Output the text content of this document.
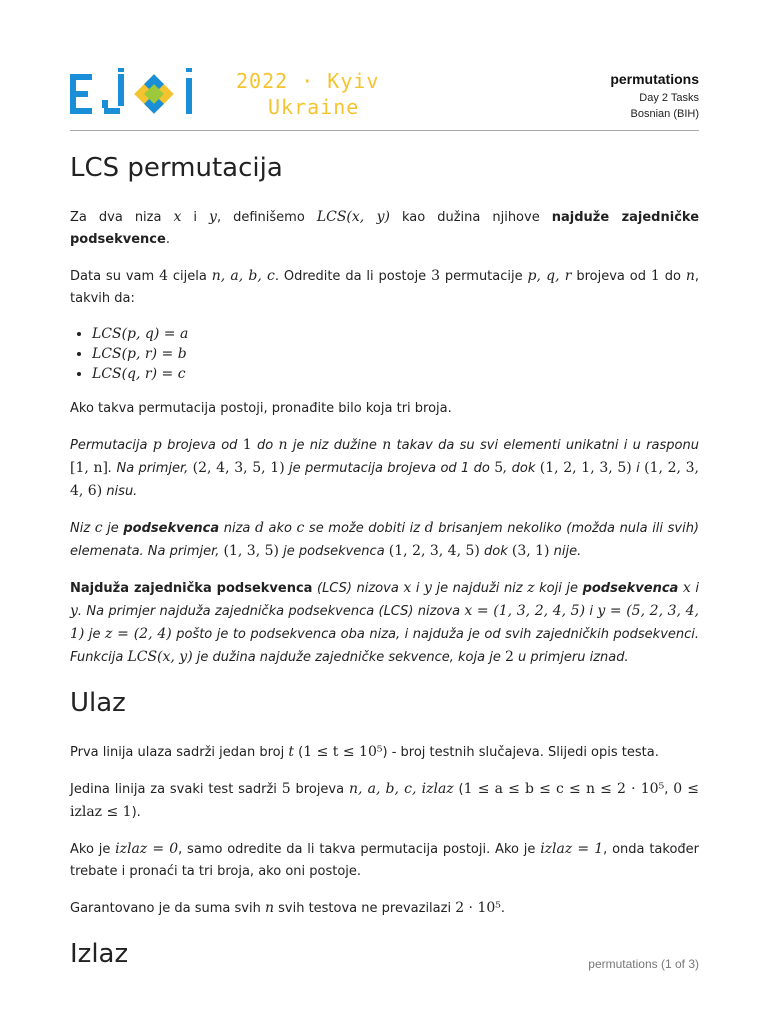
2022 · Kyiv
Ukraine
permutations
Day 2 Tasks
Bosnian (BIH)
LCS permutacija

Za dva niza x i y, definišemo LCS(x, y) kao dužina njihove najduže zajedničke podsekvence.

Data su vam 4 cijela n, a, b, c. Odredite da li postoje 3 permutacije p, q, r brojeva od 1 do n, takvih da:

• LCS(p, q) = a
• LCS(p, r) = b
• LCS(q, r) = c

Ako takva permutacija postoji, pronađite bilo koja tri broja.

Permutacija p brojeva od 1 do n je niz dužine n takav da su svi elementi unikatni i u rasponu [1, n]. Na primjer, (2, 4, 3, 5, 1) je permutacija brojeva od 1 do 5, dok (1, 2, 1, 3, 5) i (1, 2, 3, 4, 6) nisu.

Niz c je podsekvenca niza d ako c se može dobiti iz d brisanjem nekoliko (možda nula ili svih) elemenata. Na primjer, (1, 3, 5) je podsekvenca (1, 2, 3, 4, 5) dok (3, 1) nije.

Najduža zajednička podsekvenca (LCS) nizova x i y je najduži niz z koji je podsekvenca x i y. Na primjer najduža zajednička podsekvenca (LCS) nizova x = (1, 3, 2, 4, 5) i y = (5, 2, 3, 4, 1) je z = (2, 4) pošto je to podsekvenca oba niza, i najduža je od svih zajedničkih podsekvenci. Funkcija LCS(x, y) je dužina najduže zajedničke sekvence, koja je 2 u primjeru iznad.

Ulaz

Prva linija ulaza sadrži jedan broj t (1 ≤ t ≤ 10⁵) - broj testnih slučajeva. Slijedi opis testa.

Jedina linija za svaki test sadrži 5 brojeva n, a, b, c, izlaz (1 ≤ a ≤ b ≤ c ≤ n ≤ 2 · 10⁵, 0 ≤ izlaz ≤ 1).

Ako je izlaz = 0, samo odredite da li takva permutacija postoji. Ako je izlaz = 1, onda također trebate i pronaći ta tri broja, ako oni postoje.

Garantovano je da suma svih n svih testova ne prevazilazi 2 · 10⁵.

Izlaz	permutations (1 of 3)
